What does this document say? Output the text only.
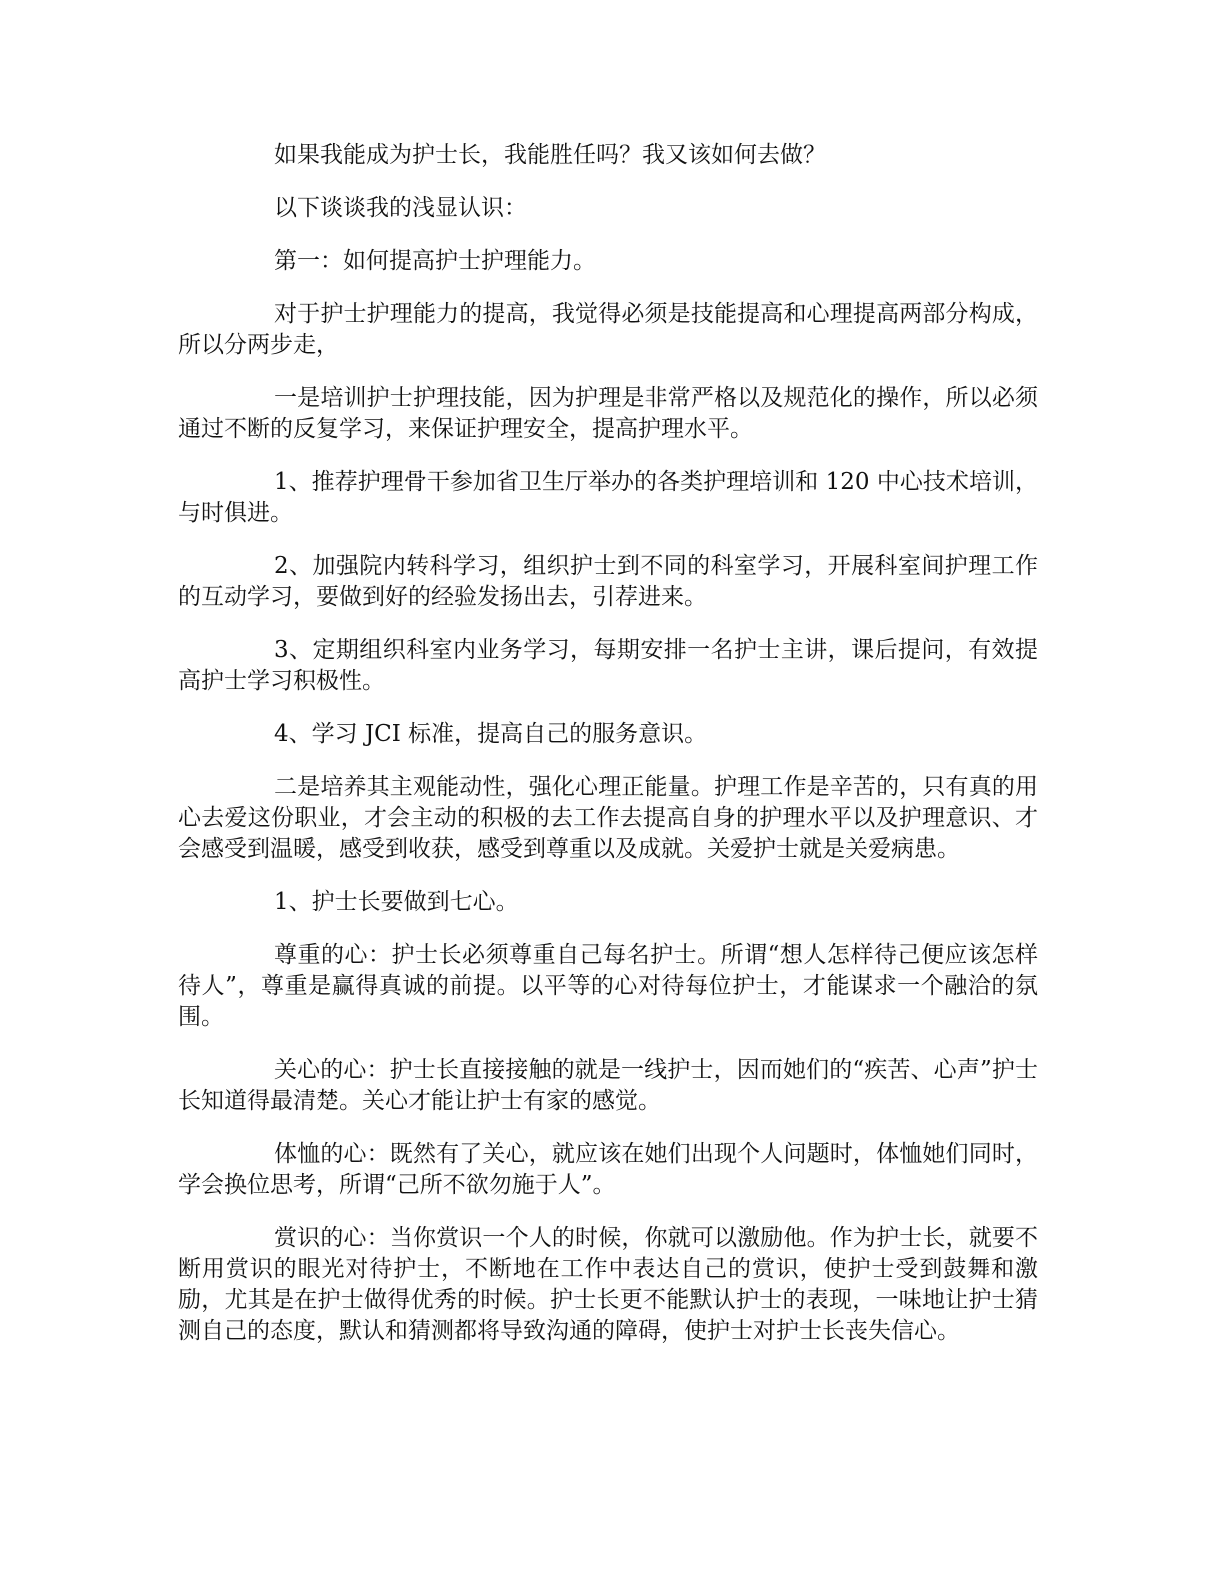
如果我能成为护士长，我能胜任吗？我又该如何去做？

以下谈谈我的浅显认识：

第一：如何提高护士护理能力。

对于护士护理能力的提高，我觉得必须是技能提高和心理提高两部分构成，所以分两步走，

一是培训护士护理技能，因为护理是非常严格以及规范化的操作，所以必须通过不断的反复学习，来保证护理安全，提高护理水平。

1、推荐护理骨干参加省卫生厅举办的各类护理培训和 120 中心技术培训，与时俱进。

2、加强院内转科学习，组织护士到不同的科室学习，开展科室间护理工作的互动学习，要做到好的经验发扬出去，引荐进来。

3、定期组织科室内业务学习，每期安排一名护士主讲，课后提问，有效提高护士学习积极性。

4、学习 JCI 标准，提高自己的服务意识。

二是培养其主观能动性，强化心理正能量。护理工作是辛苦的，只有真的用心去爱这份职业，才会主动的积极的去工作去提高自身的护理水平以及护理意识、才会感受到温暖，感受到收获，感受到尊重以及成就。关爱护士就是关爱病患。

1、护士长要做到七心。

尊重的心：护士长必须尊重自己每名护士。所谓“想人怎样待己便应该怎样待人”，尊重是赢得真诚的前提。以平等的心对待每位护士，才能谋求一个融洽的氛围。

关心的心：护士长直接接触的就是一线护士，因而她们的“疾苦、心声”护士长知道得最清楚。关心才能让护士有家的感觉。

体恤的心：既然有了关心，就应该在她们出现个人问题时，体恤她们同时，学会换位思考，所谓“己所不欲勿施于人”。

赏识的心：当你赏识一个人的时候，你就可以激励他。作为护士长，就要不断用赏识的眼光对待护士，不断地在工作中表达自己的赏识，使护士受到鼓舞和激励，尤其是在护士做得优秀的时候。护士长更不能默认护士的表现，一味地让护士猜测自己的态度，默认和猜测都将导致沟通的障碍，使护士对护士长丧失信心。
